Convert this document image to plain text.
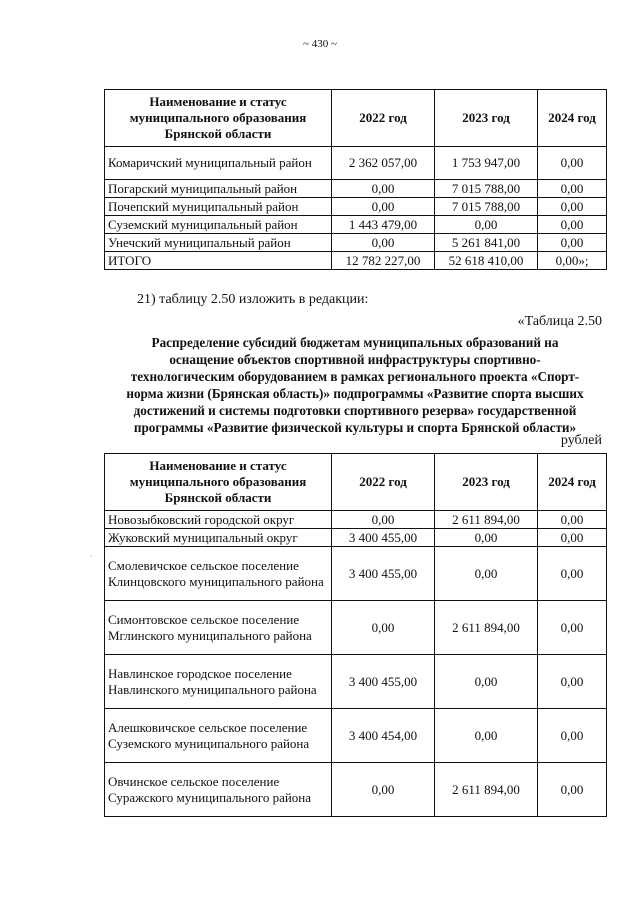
~ 430 ~
Наименование и статус муниципального образования Брянской области	2022 год	2023 год	2024 год
Комаричский муниципальный район	2 362 057,00	1 753 947,00	0,00
Погарский муниципальный район	0,00	7 015 788,00	0,00
Почепский муниципальный район	0,00	7 015 788,00	0,00
Суземский муниципальный район	1 443 479,00	0,00	0,00
Унечский муниципальный район	0,00	5 261 841,00	0,00
ИТОГО	12 782 227,00	52 618 410,00	0,00»;
21) таблицу 2.50 изложить в редакции:
«Таблица 2.50
Распределение субсидий бюджетам муниципальных образований на
оснащение объектов спортивной инфраструктуры спортивно-
технологическим оборудованием в рамках регионального проекта «Спорт-
норма жизни (Брянская область)» подпрограммы «Развитие спорта высших
достижений и системы подготовки спортивного резерва» государственной
программы «Развитие физической культуры и спорта Брянской области»
рублей
·
Наименование и статус муниципального образования Брянской области	2022 год	2023 год	2024 год
Новозыбковский городской округ	0,00	2 611 894,00	0,00
Жуковский муниципальный округ	3 400 455,00	0,00	0,00
Смолевичское сельское поселение Клинцовского муниципального района	3 400 455,00	0,00	0,00
Симонтовское сельское поселение Мглинского муниципального района	0,00	2 611 894,00	0,00
Навлинское городское поселение Навлинского муниципального района	3 400 455,00	0,00	0,00
Алешковичское сельское поселение Суземского муниципального района	3 400 454,00	0,00	0,00
Овчинское сельское поселение Суражского муниципального района	0,00	2 611 894,00	0,00
